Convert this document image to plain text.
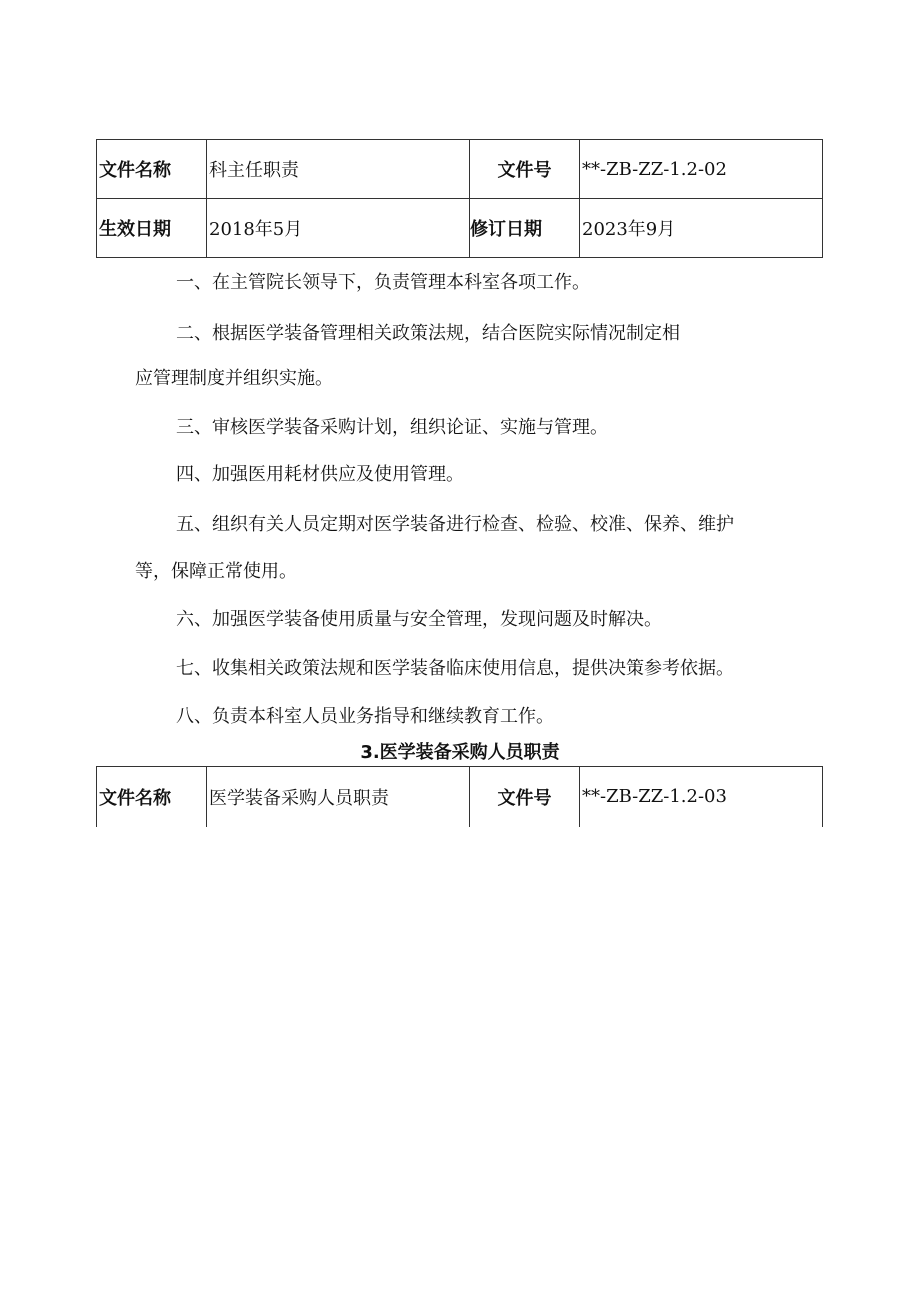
文件名称	科主任职责	文件号	**-ZB-ZZ-1.2-02
生效日期	2018年5月	修订日期	2023年9月

一、在主管院长领导下，负责管理本科室各项工作。

二、根据医学装备管理相关政策法规，结合医院实际情况制定相

应管理制度并组织实施。

三、审核医学装备采购计划，组织论证、实施与管理。

四、加强医用耗材供应及使用管理。

五、组织有关人员定期对医学装备进行检查、检验、校准、保养、维护

等，保障正常使用。

六、加强医学装备使用质量与安全管理，发现问题及时解决。

七、收集相关政策法规和医学装备临床使用信息，提供决策参考依据。

八、负责本科室人员业务指导和继续教育工作。

3.医学装备采购人员职责

文件名称	医学装备采购人员职责	文件号	**-ZB-ZZ-1.2-03
